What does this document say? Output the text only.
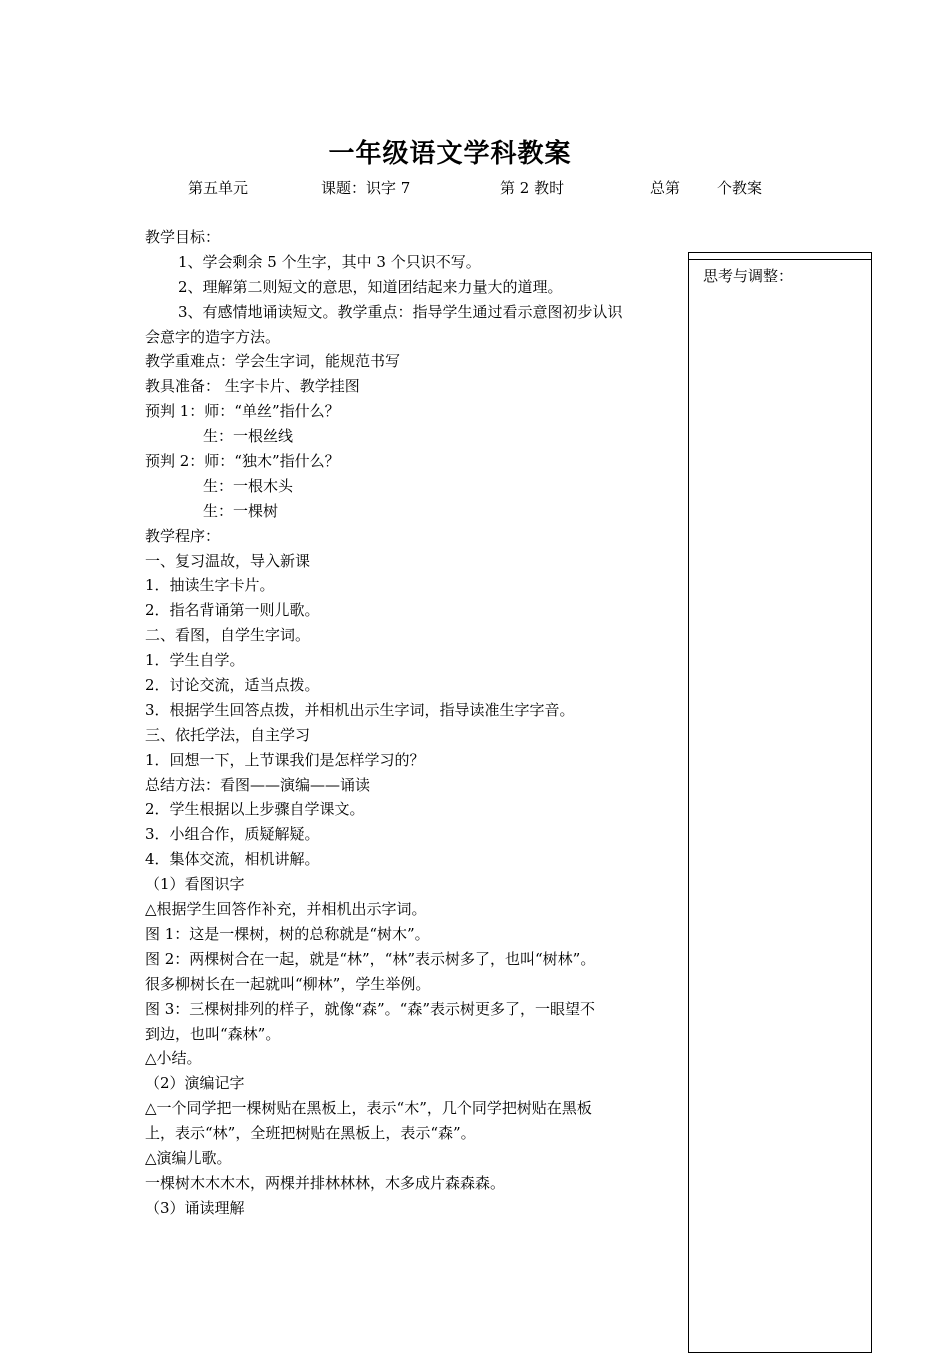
一年级语文学科教案
第五单元	课题：识字 7	第 2 教时	总第 个教案
思考与调整：
教学目标：
1、学会剩余 5 个生字，其中 3 个只识不写。
2、理解第二则短文的意思，知道团结起来力量大的道理。
3、有感情地诵读短文。教学重点：指导学生通过看示意图初步认识
会意字的造字方法。
教学重难点：学会生字词，能规范书写
教具准备： 生字卡片、教学挂图
预判 1：师：“单丝”指什么？
生：一根丝线
预判 2：师：“独木”指什么？
生：一根木头
生：一棵树
教学程序：
一、复习温故，导入新课
1．抽读生字卡片。
2．指名背诵第一则儿歌。
二、看图，自学生字词。
1．学生自学。
2．讨论交流，适当点拨。
3．根据学生回答点拨，并相机出示生字词，指导读准生字字音。
三、依托学法，自主学习
1．回想一下，上节课我们是怎样学习的？
总结方法：看图——演编——诵读
2．学生根据以上步骤自学课文。
3．小组合作，质疑解疑。
4．集体交流，相机讲解。
（1）看图识字
△根据学生回答作补充，并相机出示字词。
图 1：这是一棵树，树的总称就是“树木”。
图 2：两棵树合在一起，就是“林”，“林”表示树多了，也叫“树林”。
很多柳树长在一起就叫“柳林”，学生举例。
图 3：三棵树排列的样子，就像“森”。“森”表示树更多了，一眼望不
到边，也叫“森林”。
△小结。
（2）演编记字
△一个同学把一棵树贴在黑板上，表示“木”，几个同学把树贴在黑板
上，表示“林”，全班把树贴在黑板上，表示“森”。
△演编儿歌。
一棵树木木木木，两棵并排林林林，木多成片森森森。
（3）诵读理解
